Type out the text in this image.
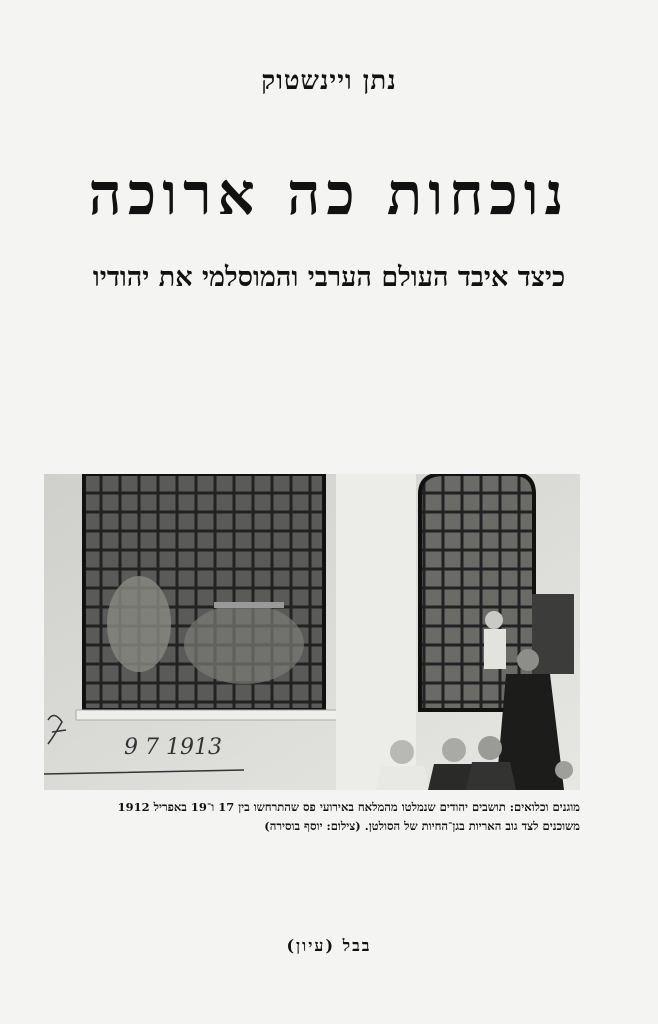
נתן ויינשטוק
נוכחות כה ארוכה
כיצד איבד העולם הערבי והמוסלמי את יהודיו
9 7 1913
מוגנים וכלואים: תושבים יהודים שנמלטו מהמלאח באירועי פס שהתרחשו בין 17 ו־19 באפריל 1912
משוכנים לצד גוב האריות בגן־החיות של הסולטן. (צילום: יוסף בוסירה)
בבל (עיון)
